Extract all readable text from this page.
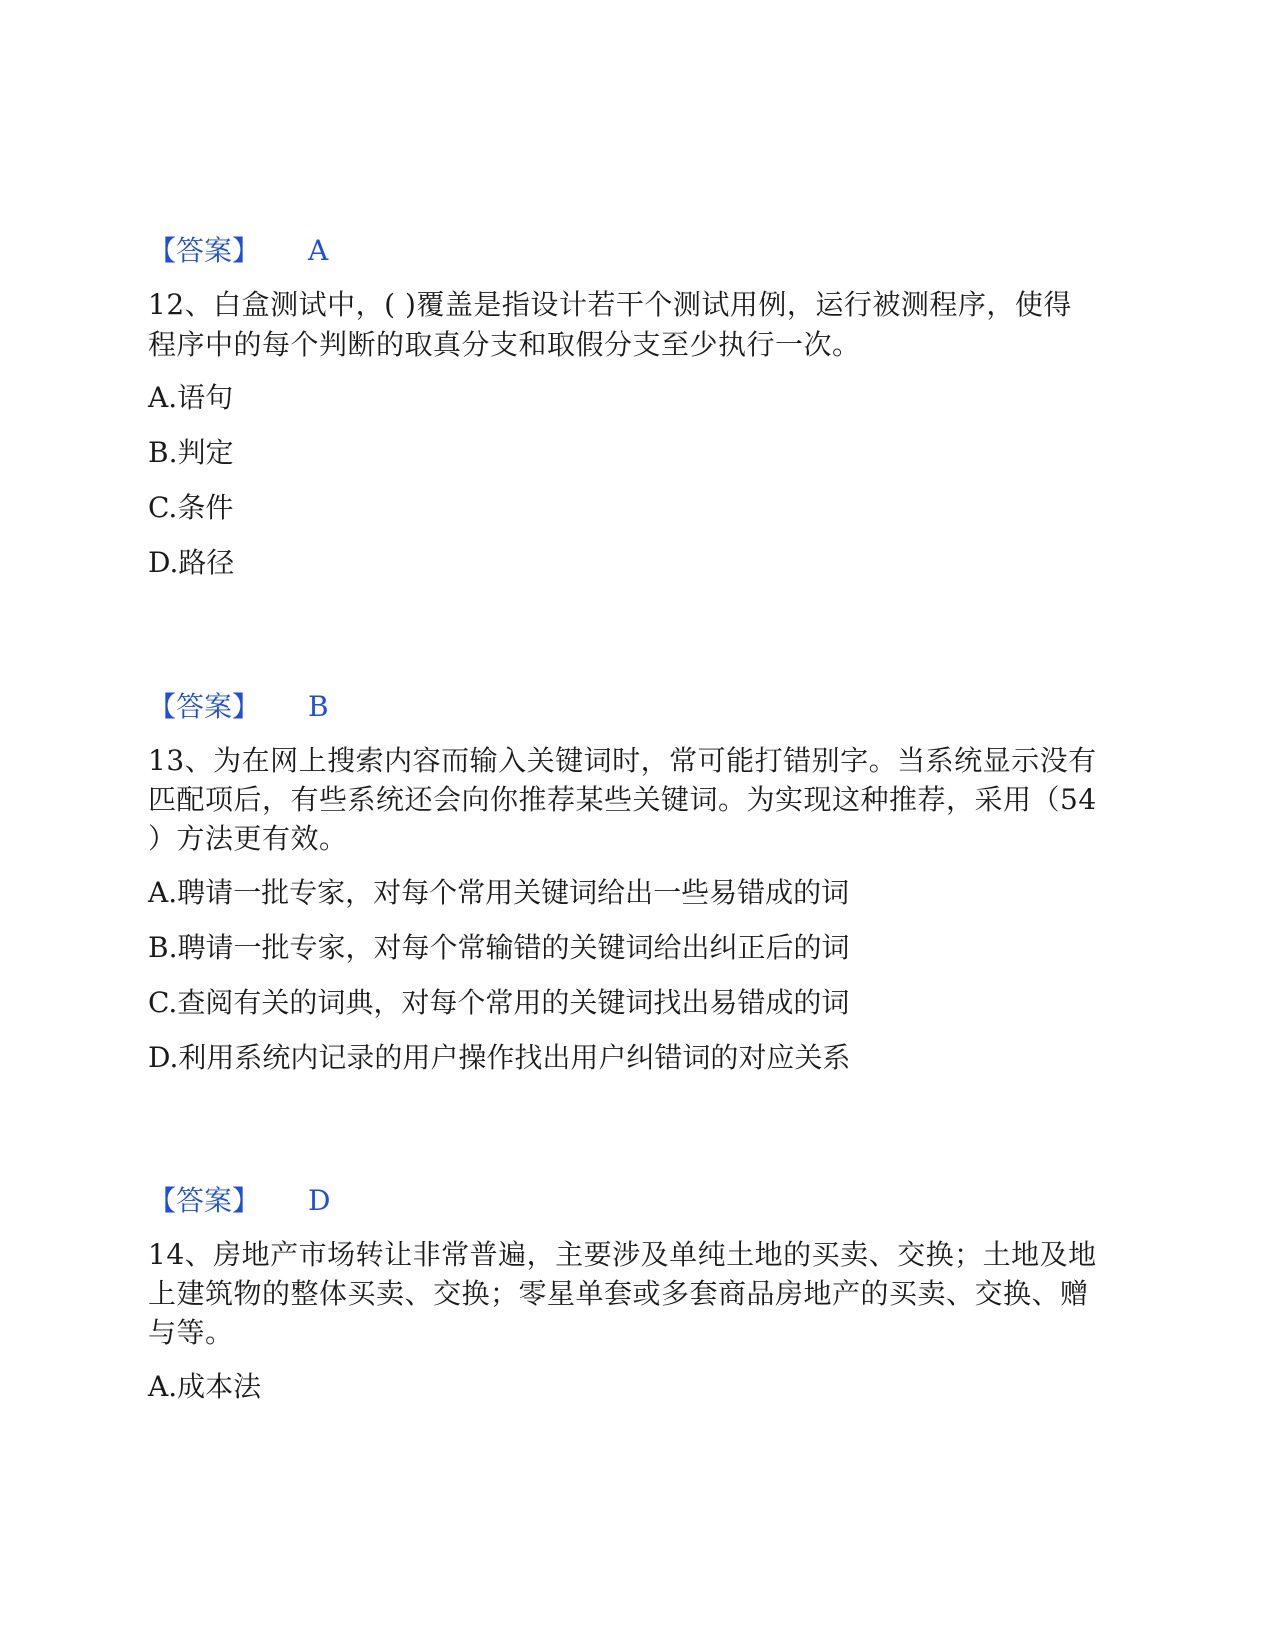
【答案】 A
12、白盒测试中，( )覆盖是指设计若干个测试用例，运行被测程序，使得
程序中的每个判断的取真分支和取假分支至少执行一次。
A.语句
B.判定
C.条件
D.路径
【答案】 B
13、为在网上搜索内容而输入关键词时，常可能打错别字。当系统显示没有
匹配项后，有些系统还会向你推荐某些关键词。为实现这种推荐，采用（54
）方法更有效。
A.聘请一批专家，对每个常用关键词给出一些易错成的词
B.聘请一批专家，对每个常输错的关键词给出纠正后的词
C.查阅有关的词典，对每个常用的关键词找出易错成的词
D.利用系统内记录的用户操作找出用户纠错词的对应关系
【答案】 D
14、房地产市场转让非常普遍，主要涉及单纯土地的买卖、交换；土地及地
上建筑物的整体买卖、交换；零星单套或多套商品房地产的买卖、交换、赠
与等。
A.成本法
